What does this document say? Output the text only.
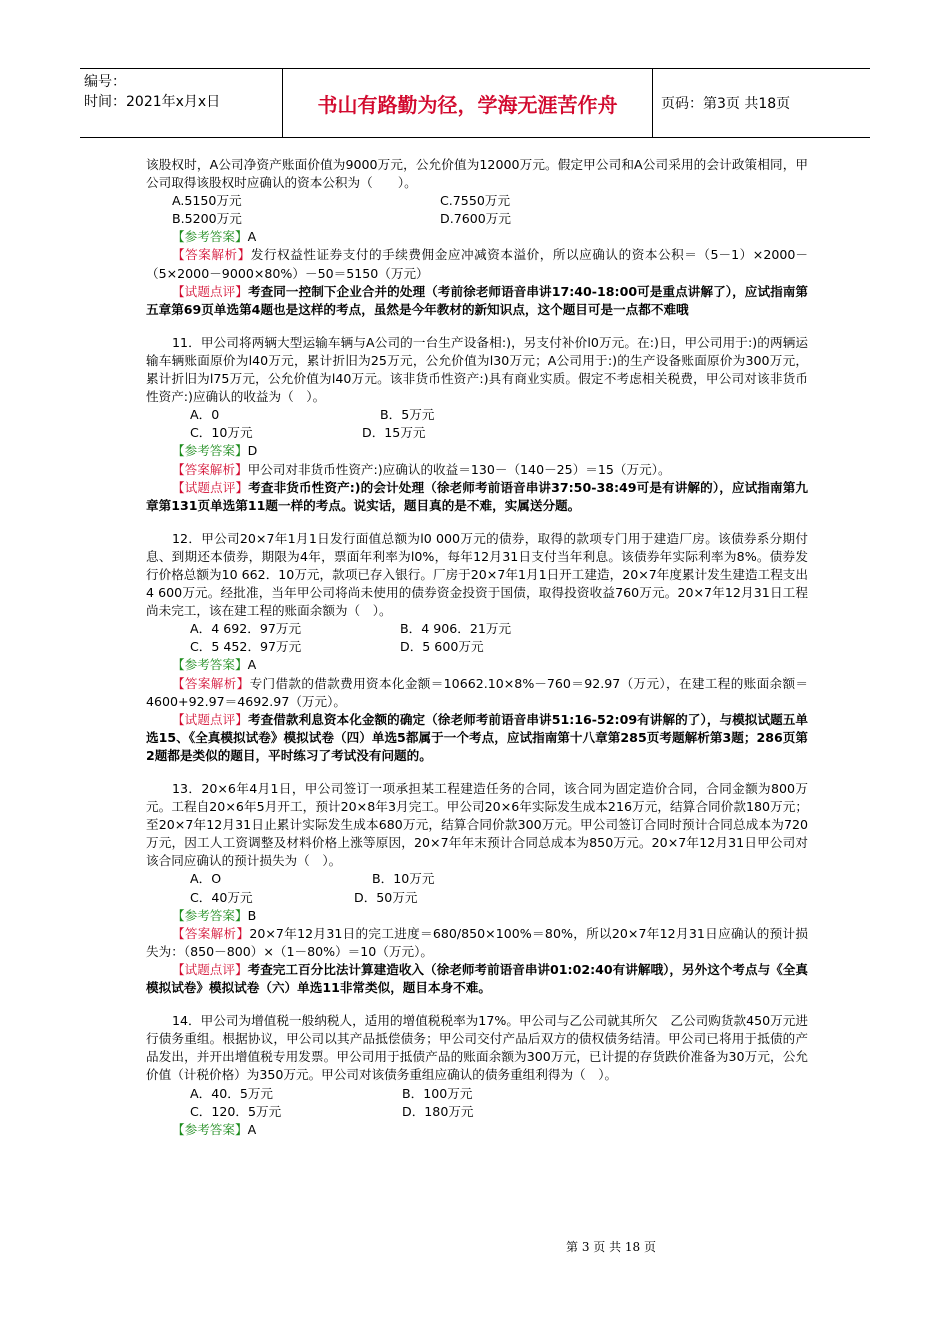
编号：
时间：2021年x月x日	书山有路勤为径，学海无涯苦作舟	页码：第3页 共18页

该股权时，A公司净资产账面价值为9000万元，公允价值为12000万元。假定甲公司和A公司采用的会计政策相同，甲公司取得该股权时应确认的资本公积为（　　）。

A.5150万元	C.7550万元
B.5200万元	D.7600万元

【参考答案】A

【答案解析】发行权益性证券支付的手续费佣金应冲减资本溢价，所以应确认的资本公积＝（5－1）×2000－（5×2000－9000×80%）－50＝5150（万元）

【试题点评】考查同一控制下企业合并的处理（考前徐老师语音串讲17:40-18:00可是重点讲解了），应试指南第五章第69页单选第4题也是这样的考点，虽然是今年教材的新知识点，这个题目可是一点都不难哦

11．甲公司将两辆大型运输车辆与A公司的一台生产设备相:)，另支付补价l0万元。在:)日，甲公司用于:)的两辆运输车辆账面原价为l40万元，累计折旧为25万元，公允价值为l30万元；A公司用于:)的生产设备账面原价为300万元，累计折旧为l75万元，公允价值为l40万元。该非货币性资产:)具有商业实质。假定不考虑相关税费，甲公司对该非货币性资产:)应确认的收益为（　）。

A．0	B．5万元
C．10万元	D．15万元

【参考答案】D

【答案解析】甲公司对非货币性资产:)应确认的收益＝130－（140－25）＝15（万元）。

【试题点评】考查非货币性资产:)的会计处理（徐老师考前语音串讲37:50-38:49可是有讲解的），应试指南第九章第131页单选第11题一样的考点。说实话，题目真的是不难，实属送分题。

12．甲公司20×7年1月1日发行面值总额为l0 000万元的债券，取得的款项专门用于建造厂房。该债券系分期付息、到期还本债券，期限为4年，票面年利率为l0%，每年12月31日支付当年利息。该债券年实际利率为8%。债券发行价格总额为10 662．10万元，款项已存入银行。厂房于20×7年1月1日开工建造，20×7年度累计发生建造工程支出4 600万元。经批准，当年甲公司将尚未使用的债券资金投资于国债，取得投资收益760万元。20×7年12月31日工程尚未完工，该在建工程的账面余额为（　）。

A．4 692．97万元	B．4 906．21万元
C．5 452．97万元	D．5 600万元

【参考答案】A

【答案解析】专门借款的借款费用资本化金额＝10662.10×8%－760＝92.97（万元），在建工程的账面余额＝4600+92.97＝4692.97（万元）。

【试题点评】考查借款利息资本化金额的确定（徐老师考前语音串讲51:16-52:09有讲解的了），与模拟试题五单选15、《全真模拟试卷》模拟试卷（四）单选5都属于一个考点，应试指南第十八章第285页考题解析第3题；286页第2题都是类似的题目，平时练习了考试没有问题的。

13．20×6年4月1日，甲公司签订一项承担某工程建造任务的合同，该合同为固定造价合同，合同金额为800万元。工程自20×6年5月开工，预计20×8年3月完工。甲公司20×6年实际发生成本216万元，结算合同价款180万元；至20×7年12月31日止累计实际发生成本680万元，结算合同价款300万元。甲公司签订合同时预计合同总成本为720万元，因工人工资调整及材料价格上涨等原因，20×7年年末预计合同总成本为850万元。20×7年12月31日甲公司对该合同应确认的预计损失为（　）。

A．O	B．10万元
C．40万元	D．50万元

【参考答案】B

【答案解析】20×7年12月31日的完工进度＝680/850×100%＝80%，所以20×7年12月31日应确认的预计损失为：（850－800）×（1－80%）＝10（万元）。

【试题点评】考查完工百分比法计算建造收入（徐老师考前语音串讲01:02:40有讲解哦），另外这个考点与《全真模拟试卷》模拟试卷（六）单选11非常类似，题目本身不难。

14．甲公司为增值税一般纳税人，适用的增值税税率为17%。甲公司与乙公司就其所欠　乙公司购货款450万元进行债务重组。根据协议，甲公司以其产品抵偿债务；甲公司交付产品后双方的债权债务结清。甲公司已将用于抵债的产品发出，并开出增值税专用发票。甲公司用于抵债产品的账面余额为300万元，已计提的存货跌价准备为30万元，公允价值（计税价格）为350万元。甲公司对该债务重组应确认的债务重组利得为（　）。

A．40．5万元	B．100万元
C．120．5万元	D．180万元

【参考答案】A

第 3 页 共 18 页
